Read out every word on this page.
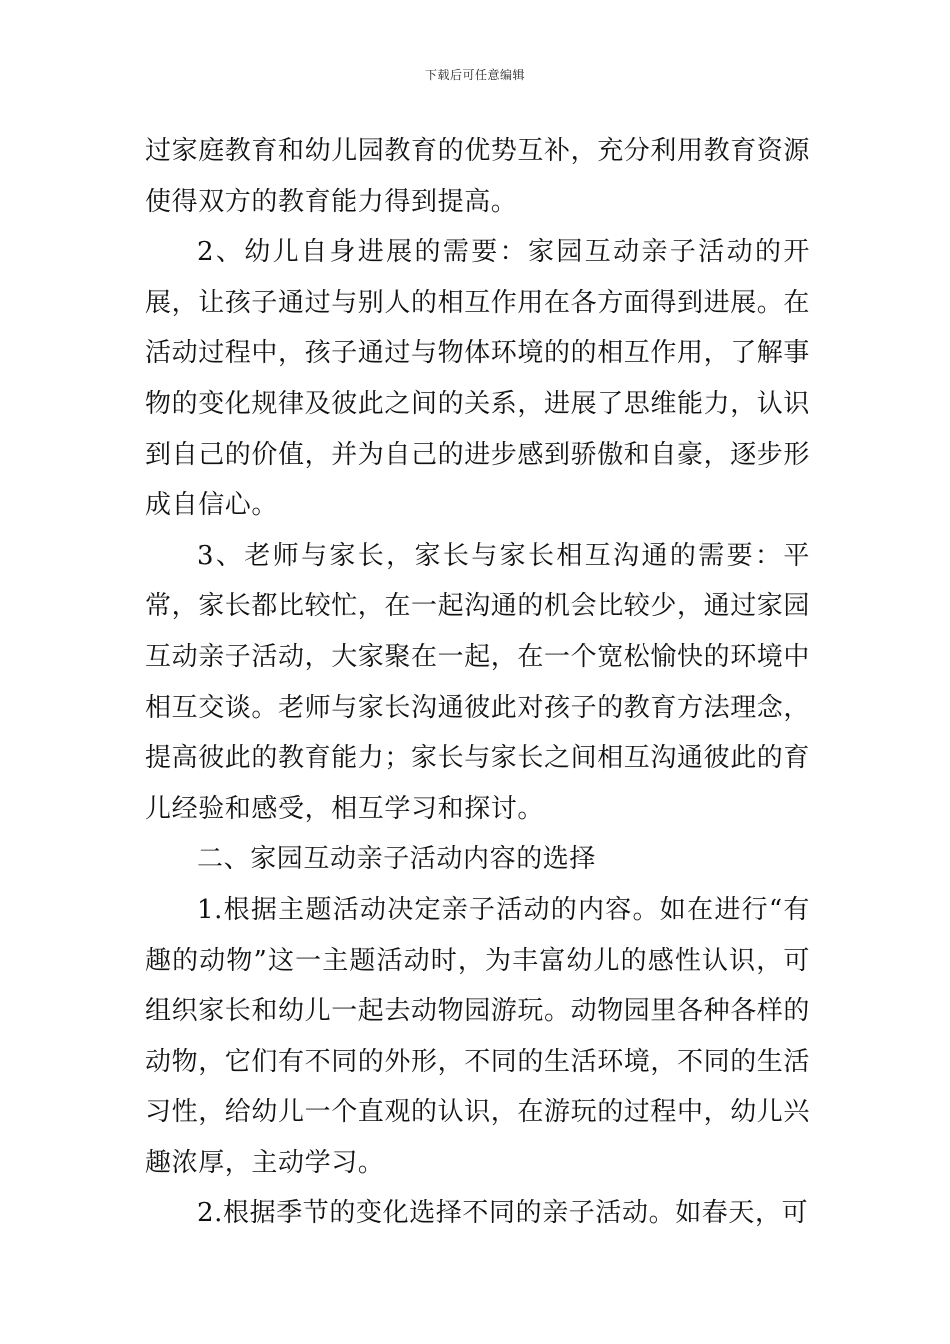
下载后可任意编辑

过家庭教育和幼儿园教育的优势互补，充分利用教育资源使得双方的教育能力得到提高。

2、幼儿自身进展的需要：家园互动亲子活动的开展，让孩子通过与别人的相互作用在各方面得到进展。在活动过程中，孩子通过与物体环境的的相互作用，了解事物的变化规律及彼此之间的关系，进展了思维能力，认识到自己的价值，并为自己的进步感到骄傲和自豪，逐步形成自信心。

3、老师与家长，家长与家长相互沟通的需要：平常，家长都比较忙，在一起沟通的机会比较少，通过家园互动亲子活动，大家聚在一起，在一个宽松愉快的环境中相互交谈。老师与家长沟通彼此对孩子的教育方法理念，提高彼此的教育能力；家长与家长之间相互沟通彼此的育儿经验和感受，相互学习和探讨。

二、家园互动亲子活动内容的选择

1.根据主题活动决定亲子活动的内容。如在进行“有趣的动物”这一主题活动时，为丰富幼儿的感性认识，可组织家长和幼儿一起去动物园游玩。动物园里各种各样的动物，它们有不同的外形，不同的生活环境，不同的生活习性，给幼儿一个直观的认识，在游玩的过程中，幼儿兴趣浓厚，主动学习。

2.根据季节的变化选择不同的亲子活动。如春天，可
